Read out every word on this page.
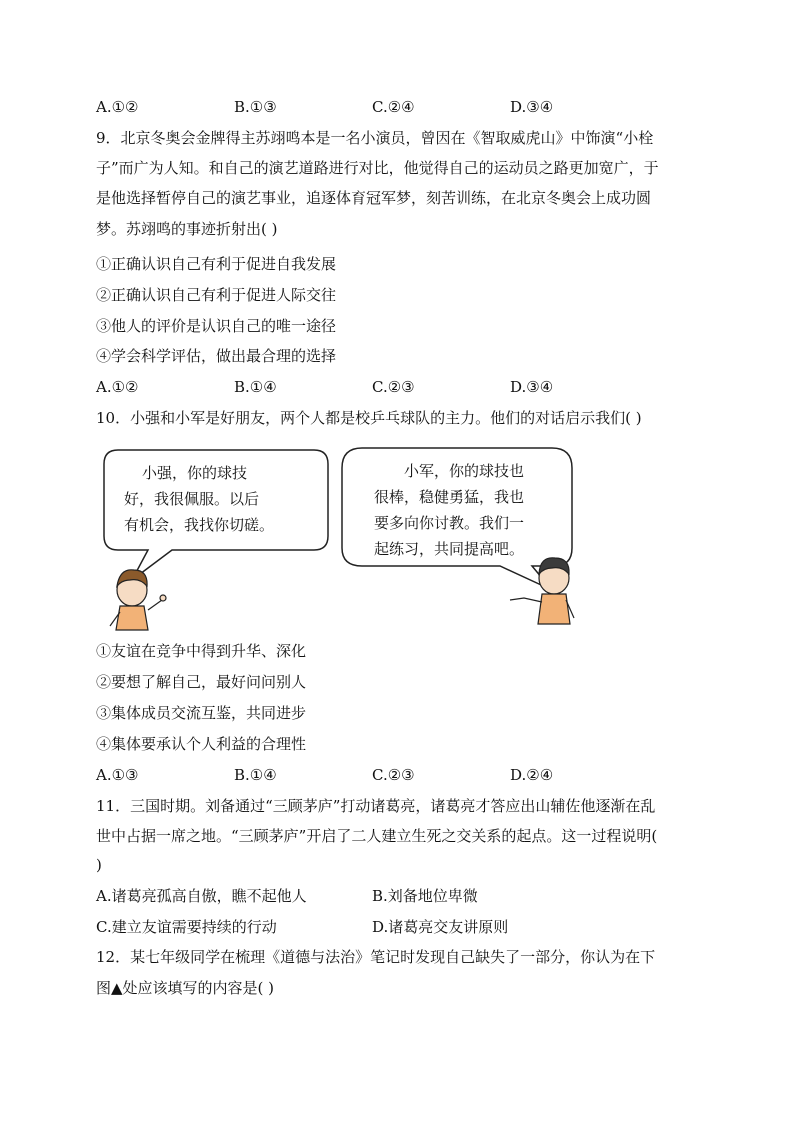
A.①②	B.①③	C.②④	D.③④
9．北京冬奥会金牌得主苏翊鸣本是一名小演员，曾因在《智取威虎山》中饰演“小栓
子”而广为人知。和自己的演艺道路进行对比，他觉得自己的运动员之路更加宽广，于
是他选择暂停自己的演艺事业，追逐体育冠军梦，刻苦训练，在北京冬奥会上成功圆
梦。苏翊鸣的事迹折射出( )
①正确认识自己有利于促进自我发展
②正确认识自己有利于促进人际交往
③他人的评价是认识自己的唯一途径
④学会科学评估，做出最合理的选择
A.①②	B.①④	C.②③	D.③④
10．小强和小军是好朋友，两个人都是校乒乓球队的主力。他们的对话启示我们( )
小强，你的球技
好，我很佩服。以后
有机会，我找你切磋。
小军，你的球技也
很棒，稳健勇猛，我也
要多向你讨教。我们一
起练习，共同提高吧。
①友谊在竞争中得到升华、深化
②要想了解自己，最好问问别人
③集体成员交流互鉴，共同进步
④集体要承认个人利益的合理性
A.①③	B.①④	C.②③	D.②④
11．三国时期。刘备通过“三顾茅庐”打动诸葛亮，诸葛亮才答应出山辅佐他逐渐在乱
世中占据一席之地。“三顾茅庐”开启了二人建立生死之交关系的起点。这一过程说明(
)
A.诸葛亮孤高自傲，瞧不起他人	B.刘备地位卑微
C.建立友谊需要持续的行动	D.诸葛亮交友讲原则
12．某七年级同学在梳理《道德与法治》笔记时发现自己缺失了一部分，你认为在下
图▲处应该填写的内容是( )
